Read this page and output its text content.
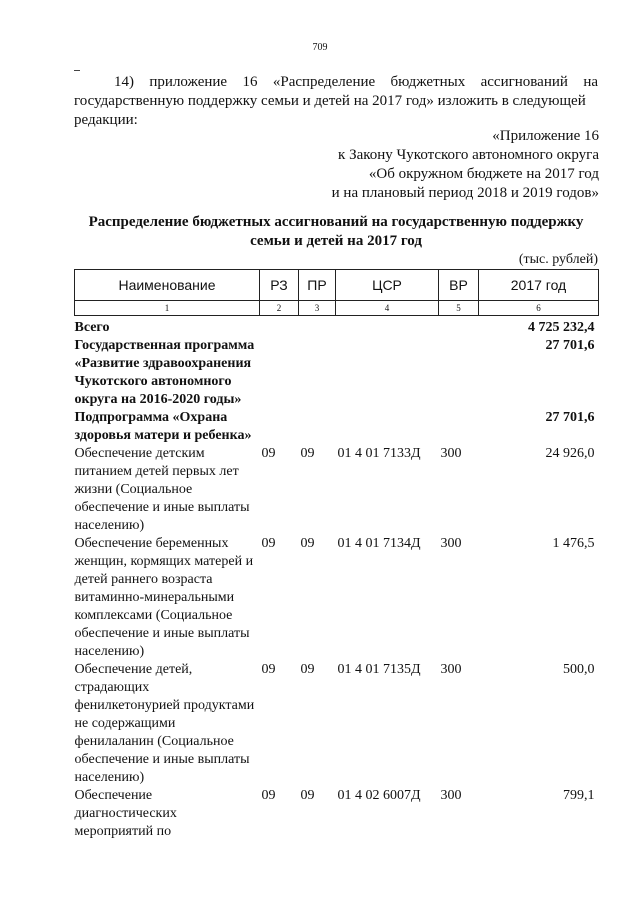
709

14) приложение 16 «Распределение бюджетных ассигнований на

государственную поддержку семьи и детей на 2017 год» изложить в следующей

редакции:

«Приложение 16
к Закону Чукотского автономного округа
«Об окружном бюджете на 2017 год
и на плановый период 2018 и 2019 годов»
Распределение бюджетных ассигнований на государственную поддержку
семьи и детей на 2017 год
(тыс. рублей)
Наименование	РЗ	ПР	ЦСР	ВР	2017 год
1	2	3	4	5	6
Всего					4 725 232,4
Государственная программа «Развитие здравоохранения Чукотского автономного округа на 2016-2020 годы»					27 701,6
Подпрограмма «Охрана здоровья матери и ребенка»					27 701,6
Обеспечение детским питанием детей первых лет жизни (Социальное обеспечение и иные выплаты населению)	09	09	01 4 01 7133Д	300	24 926,0
Обеспечение беременных женщин, кормящих матерей и детей раннего возраста витаминно-минеральными комплексами (Социальное обеспечение и иные выплаты населению)	09	09	01 4 01 7134Д	300	1 476,5
Обеспечение детей, страдающих фенилкетонурией продуктами не содержащими фенилаланин (Социальное обеспечение и иные выплаты населению)	09	09	01 4 01 7135Д	300	500,0
Обеспечение диагностических мероприятий по	09	09	01 4 02 6007Д	300	799,1
